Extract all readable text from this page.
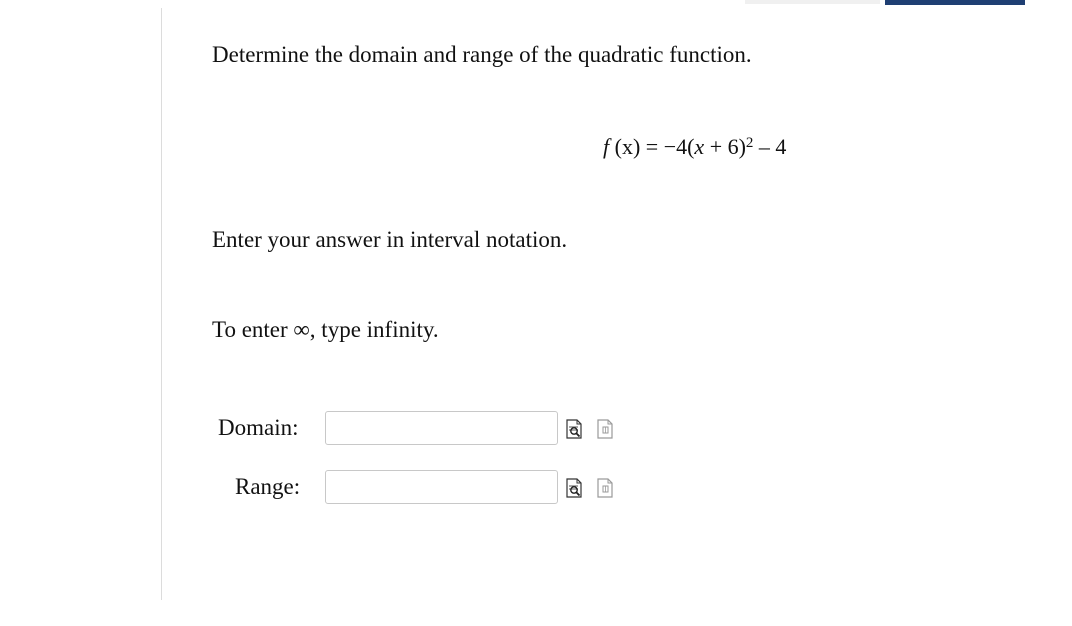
Determine the domain and range of the quadratic function.
f $(x) = -4(x + 6)^2 - 4$
Enter your answer in interval notation.
To enter ∞, type infinity.
Domain:
Range:
